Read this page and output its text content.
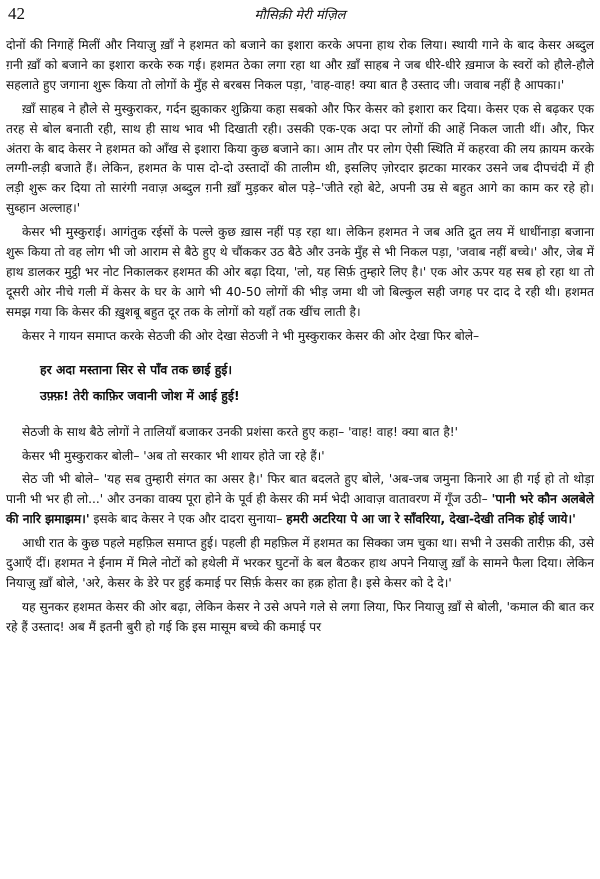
42	मौसिक़ी मेरी मंज़िल

दोनों की निगाहें मिलीं और नियाज़ु ख़ाँ ने हशमत को बजाने का इशारा करके अपना हाथ रोक लिया। स्थायी गाने के बाद केसर अब्दुल ग़नी ख़ाँ को बजाने का इशारा करके रुक गई। हशमत ठेका लगा रहा था और ख़ाँ साहब ने जब धीरे-धीरे ख़माज के स्वरों को हौले-हौले सहलाते हुए जगाना शुरू किया तो लोगों के मुँह से बरबस निकल पड़ा, 'वाह-वाह! क्या बात है उस्ताद जी। जवाब नहीं है आपका।'

ख़ाँ साहब ने हौले से मुस्कुराकर, गर्दन झुकाकर शुक्रिया कहा सबको और फिर केसर को इशारा कर दिया। केसर एक से बढ़कर एक तरह से बोल बनाती रही, साथ ही साथ भाव भी दिखाती रही। उसकी एक-एक अदा पर लोगों की आहें निकल जाती थीं। और, फिर अंतरा के बाद केसर ने हशमत को आँख से इशारा किया कुछ बजाने का। आम तौर पर लोग ऐसी स्थिति में कहरवा की लय क़ायम करके लग्गी-लड़ी बजाते हैं। लेकिन, हशमत के पास दो-दो उस्तादों की तालीम थी, इसलिए ज़ोरदार झटका मारकर उसने जब दीपचंदी में ही लड़ी शुरू कर दिया तो सारंगी नवाज़ अब्दुल ग़नी ख़ाँ मुड़कर बोल पड़े–'जीते रहो बेटे, अपनी उम्र से बहुत आगे का काम कर रहे हो। सुब्हान अल्लाह।'

केसर भी मुस्कुराई। आगंतुक रईसों के पल्ले कुछ ख़ास नहीं पड़ रहा था। लेकिन हशमत ने जब अति द्रुत लय में धाधींनाड़ा बजाना शुरू किया तो वह लोग भी जो आराम से बैठे हुए थे चौंककर उठ बैठे और उनके मुँह से भी निकल पड़ा, 'जवाब नहीं बच्चे।' और, जेब में हाथ डालकर मुट्ठी भर नोट निकालकर हशमत की ओर बढ़ा दिया, 'लो, यह सिर्फ़ तुम्हारे लिए है।' एक ओर ऊपर यह सब हो रहा था तो दूसरी ओर नीचे गली में केसर के घर के आगे भी 40-50 लोगों की भीड़ जमा थी जो बिल्कुल सही जगह पर दाद दे रही थी। हशमत समझ गया कि केसर की ख़ुशबू बहुत दूर तक के लोगों को यहाँ तक खींच लाती है।

केसर ने गायन समाप्त करके सेठजी की ओर देखा सेठजी ने भी मुस्कुराकर केसर की ओर देखा फिर बोले–

हर अदा मस्ताना सिर से पाँव तक छाई हुई।
उफ़्फ़! तेरी काफ़िर जवानी जोश में आई हुई!

सेठजी के साथ बैठे लोगों ने तालियाँ बजाकर उनकी प्रशंसा करते हुए कहा– 'वाह! वाह! क्या बात है!'

केसर भी मुस्कुराकर बोली– 'अब तो सरकार भी शायर होते जा रहे हैं।'

सेठ जी भी बोले– 'यह सब तुम्हारी संगत का असर है।' फिर बात बदलते हुए बोले, 'अब-जब जमुना किनारे आ ही गई हो तो थोड़ा पानी भी भर ही लो...' और उनका वाक्य पूरा होने के पूर्व ही केसर की मर्म भेदी आवाज़ वातावरण में गूँज उठी– 'पानी भरे कौन अलबेले की नारि झमाझम।' इसके बाद केसर ने एक और दादरा सुनाया– हमरी अटरिया पे आ जा रे साँवरिया, देखा-देखी तनिक होई जाये।'

आधी रात के कुछ पहले महफ़िल समाप्त हुई। पहली ही महफ़िल में हशमत का सिक्का जम चुका था। सभी ने उसकी तारीफ़ की, उसे दुआएँ दीं। हशमत ने ईनाम में मिले नोटों को हथेली में भरकर घुटनों के बल बैठकर हाथ अपने नियाज़ु ख़ाँ के सामने फैला दिया। लेकिन नियाज़ु ख़ाँ बोले, 'अरे, केसर के डेरे पर हुई कमाई पर सिर्फ़ केसर का हक़ होता है। इसे केसर को दे दे।'

यह सुनकर हशमत केसर की ओर बढ़ा, लेकिन केसर ने उसे अपने गले से लगा लिया, फिर नियाज़ु ख़ाँ से बोली, 'कमाल की बात कर रहे हैं उस्ताद! अब मैं इतनी बुरी हो गई कि इस मासूम बच्चे की कमाई पर
